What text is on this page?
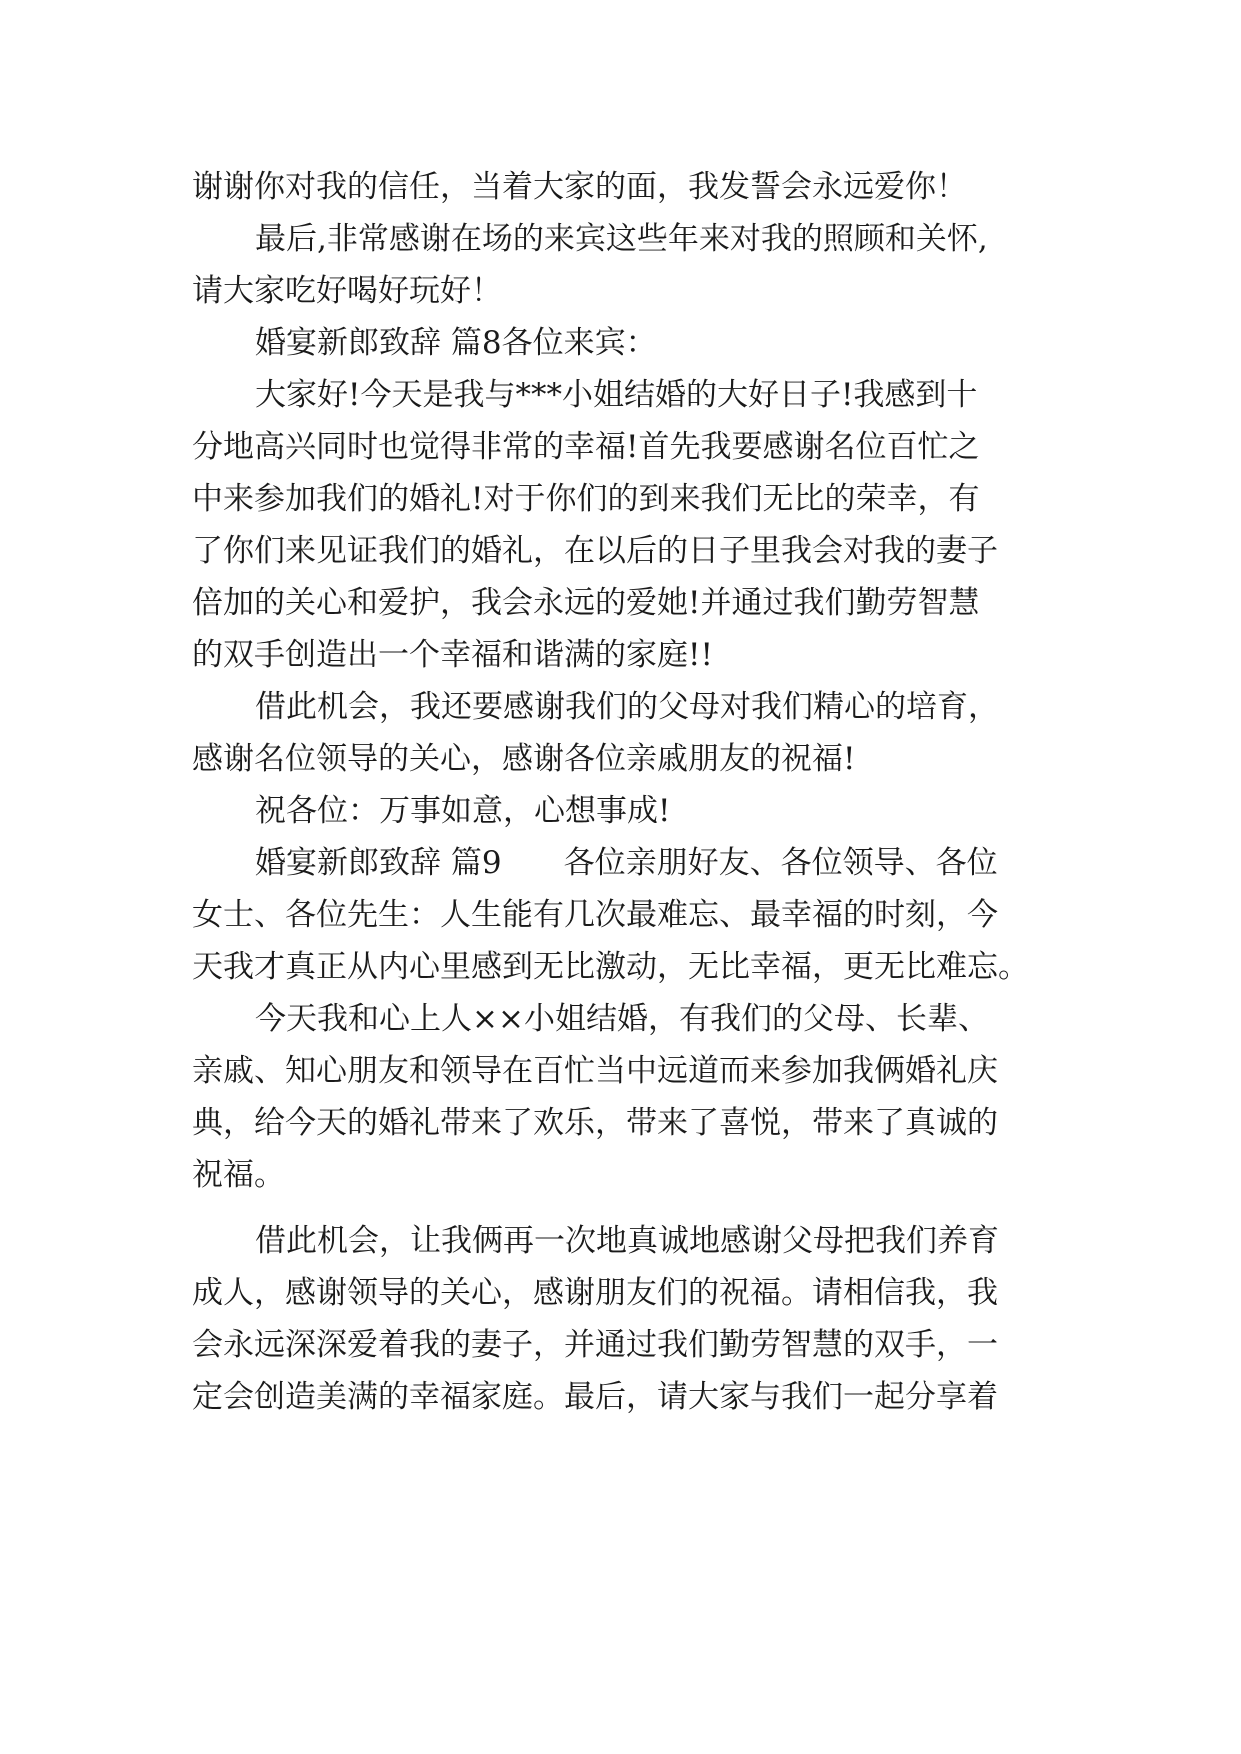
谢谢你对我的信任，当着大家的面，我发誓会永远爱你！

最后,非常感谢在场的来宾这些年来对我的照顾和关怀,

请大家吃好喝好玩好！

婚宴新郎致辞 篇8各位来宾：

大家好!今天是我与***小姐结婚的大好日子!我感到十

分地高兴同时也觉得非常的幸福!首先我要感谢名位百忙之

中来参加我们的婚礼!对于你们的到来我们无比的荣幸，有

了你们来见证我们的婚礼，在以后的日子里我会对我的妻子

倍加的关心和爱护，我会永远的爱她!并通过我们勤劳智慧

的双手创造出一个幸福和谐满的家庭!!

借此机会，我还要感谢我们的父母对我们精心的培育，

感谢名位领导的关心，感谢各位亲戚朋友的祝福!

祝各位：万事如意，心想事成!

婚宴新郎致辞 篇9　　各位亲朋好友、各位领导、各位

女士、各位先生：人生能有几次最难忘、最幸福的时刻，今

天我才真正从内心里感到无比激动，无比幸福，更无比难忘。

今天我和心上人××小姐结婚，有我们的父母、长辈、

亲戚、知心朋友和领导在百忙当中远道而来参加我俩婚礼庆

典，给今天的婚礼带来了欢乐，带来了喜悦，带来了真诚的

祝福。

借此机会，让我俩再一次地真诚地感谢父母把我们养育

成人，感谢领导的关心，感谢朋友们的祝福。请相信我，我

会永远深深爱着我的妻子，并通过我们勤劳智慧的双手，一

定会创造美满的幸福家庭。最后，请大家与我们一起分享着
